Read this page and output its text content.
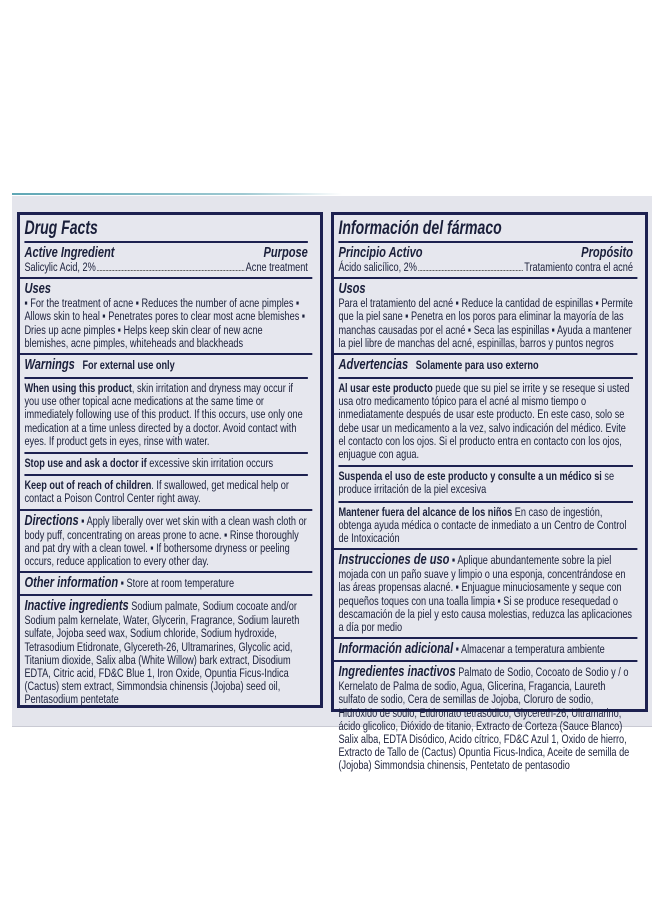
Drug Facts
Active Ingredient	Purpose
Salicylic Acid, 2%	Acne treatment
Uses
▪ For the treatment of acne ▪ Reduces the number of acne pimples ▪ Allows skin to heal ▪ Penetrates pores to clear most acne blemishes ▪ Dries up acne pimples ▪ Helps keep skin clear of new acne blemishes, acne pimples, whiteheads and blackheads
Warnings For external use only
When using this product, skin irritation and dryness may occur if you use other topical acne medications at the same time or immediately following use of this product. If this occurs, use only one medication at a time unless directed by a doctor. Avoid contact with eyes. If product gets in eyes, rinse with water.
Stop use and ask a doctor if excessive skin irritation occurs
Keep out of reach of children. If swallowed, get medical help or contact a Poison Control Center right away.
Directions ▪ Apply liberally over wet skin with a clean wash cloth or body puff, concentrating on areas prone to acne. ▪ Rinse thoroughly and pat dry with a clean towel. ▪ If bothersome dryness or peeling occurs, reduce application to every other day.
Other information ▪ Store at room temperature
Inactive ingredients Sodium palmate, Sodium cocoate and/or Sodium palm kernelate, Water, Glycerin, Fragrance, Sodium laureth sulfate, Jojoba seed wax, Sodium chloride, Sodium hydroxide, Tetrasodium Etidronate, Glycereth-26, Ultramarines, Glycolic acid, Titanium dioxide, Salix alba (White Willow) bark extract, Disodium EDTA, Citric acid, FD&C Blue 1, Iron Oxide, Opuntia Ficus-Indica (Cactus) stem extract, Simmondsia chinensis (Jojoba) seed oil, Pentasodium pentetate
Información del fármaco
Principio Activo	Propósito
Ácido salicílico, 2%	Tratamiento contra el acné
Usos
Para el tratamiento del acné ▪ Reduce la cantidad de espinillas ▪ Permite que la piel sane ▪ Penetra en los poros para eliminar la mayoría de las manchas causadas por el acné ▪ Seca las espinillas ▪ Ayuda a mantener la piel libre de manchas del acné, espinillas, barros y puntos negros
Advertencias Solamente para uso externo
Al usar este producto puede que su piel se irrite y se reseque si usted usa otro medicamento tópico para el acné al mismo tiempo o inmediatamente después de usar este producto. En este caso, solo se debe usar un medicamento a la vez, salvo indicación del médico. Evite el contacto con los ojos. Si el producto entra en contacto con los ojos, enjuague con agua.
Suspenda el uso de este producto y consulte a un médico si se produce irritación de la piel excesiva
Mantener fuera del alcance de los niños En caso de ingestión, obtenga ayuda médica o contacte de inmediato a un Centro de Control de Intoxicación
Instrucciones de uso ▪ Aplique abundantemente sobre la piel mojada con un paño suave y limpio o una esponja, concentrándose en las áreas propensas alacné. ▪ Enjuague minuciosamente y seque con pequeños toques con una toalla limpia ▪ Si se produce resequedad o descamación de la piel y esto causa molestias, reduzca las aplicaciones a día por medio
Información adicional ▪ Almacenar a temperatura ambiente
Ingredientes inactivos Palmato de Sodio, Cocoato de Sodio y / o Kernelato de Palma de sodio, Agua, Glicerina, Fragancia, Laureth sulfato de sodio, Cera de semillas de Jojoba, Cloruro de sodio, Hidróxido de sodio, Etidronato tetrasódico, Glycereth-26, Ultramarino, ácido glicolico, Dióxido de titanio, Extracto de Corteza (Sauce Blanco) Salix alba, EDTA Disódico, Acido cítrico, FD&C Azul 1, Oxido de hierro, Extracto de Tallo de (Cactus) Opuntia Ficus-Indica, Aceite de semilla de (Jojoba) Simmondsia chinensis, Pentetato de pentasodio
